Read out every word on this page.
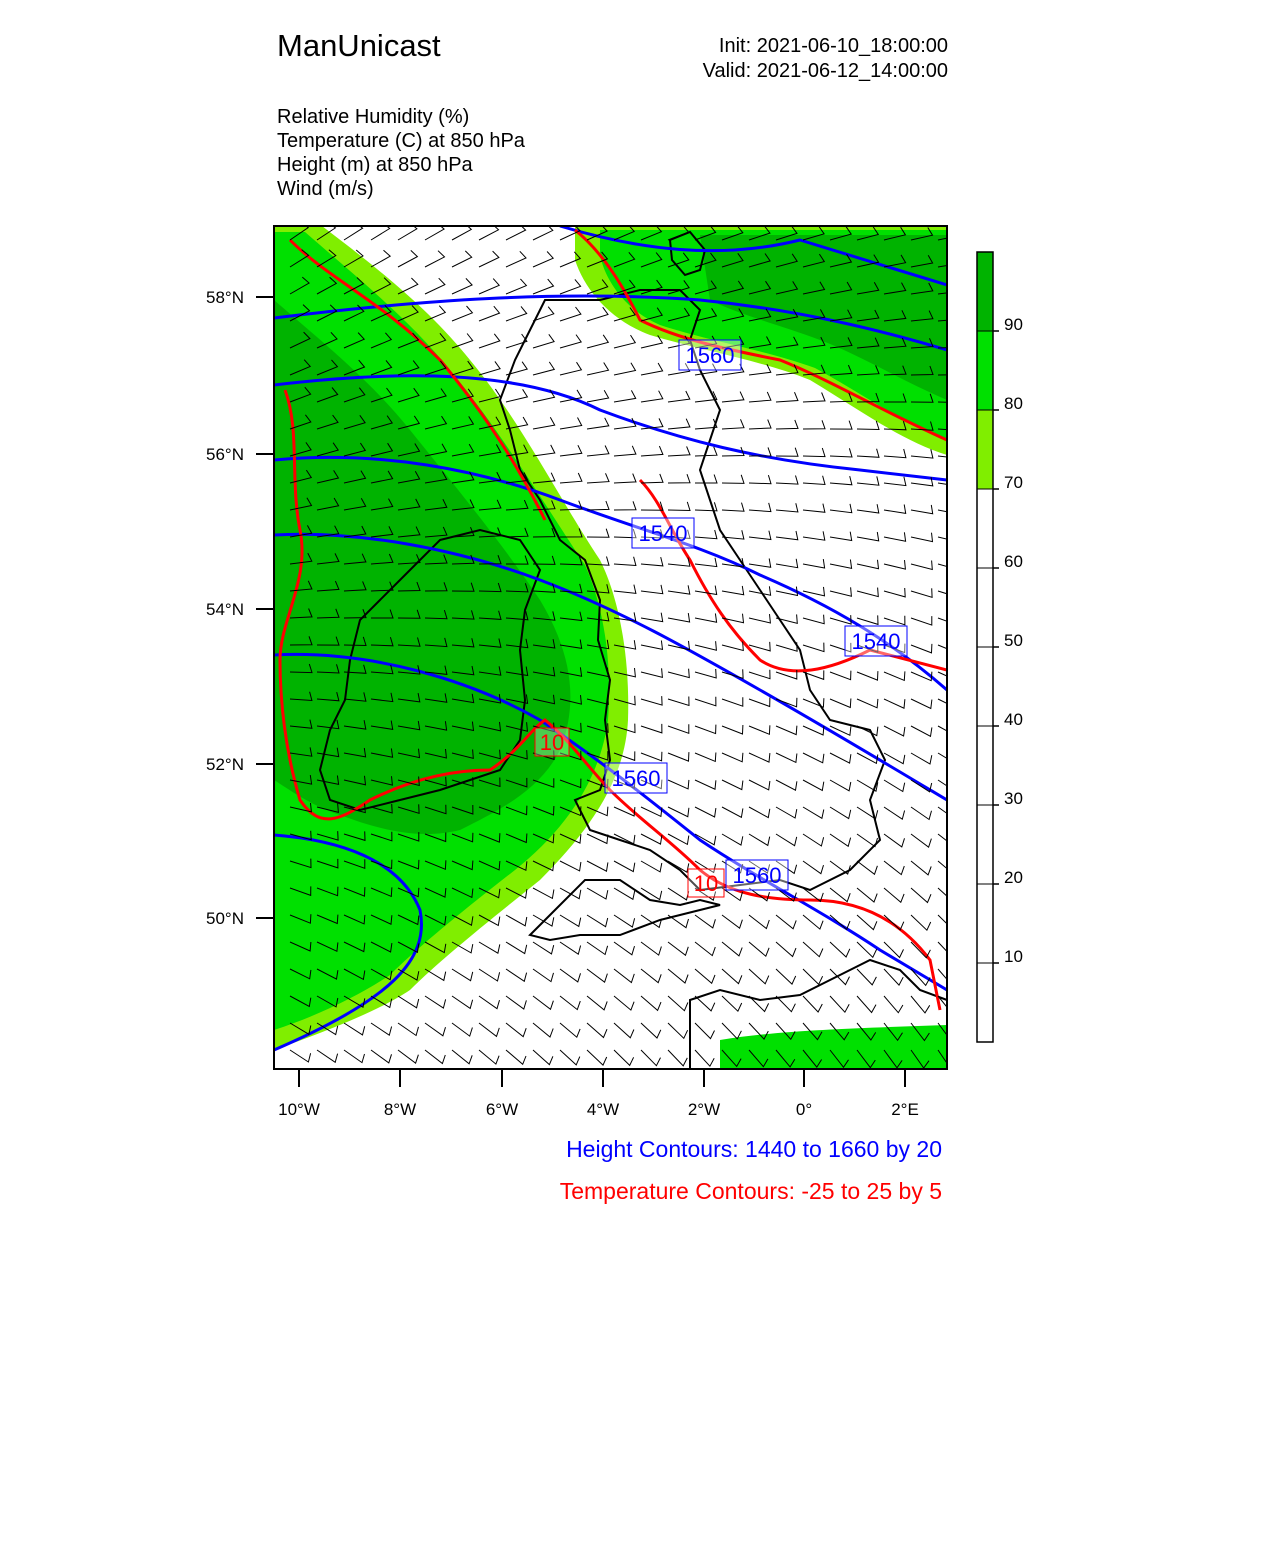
ManUnicast	Init: 2021-06-10_18:00:00
Valid: 2021-06-12_14:00:00
Relative Humidity (%)
Temperature (C) at 850 hPa
Height (m) at 850 hPa
Wind (m/s)
1560
1540
1540
1560
1560
10
10
58°N
56°N
54°N
52°N
50°N
10°W	8°W	6°W	4°W	2°W	0°	2°E
90
80
70
60
50
40
30
20
10
Height Contours: 1440 to 1660 by 20
Temperature Contours: -25 to 25 by 5
